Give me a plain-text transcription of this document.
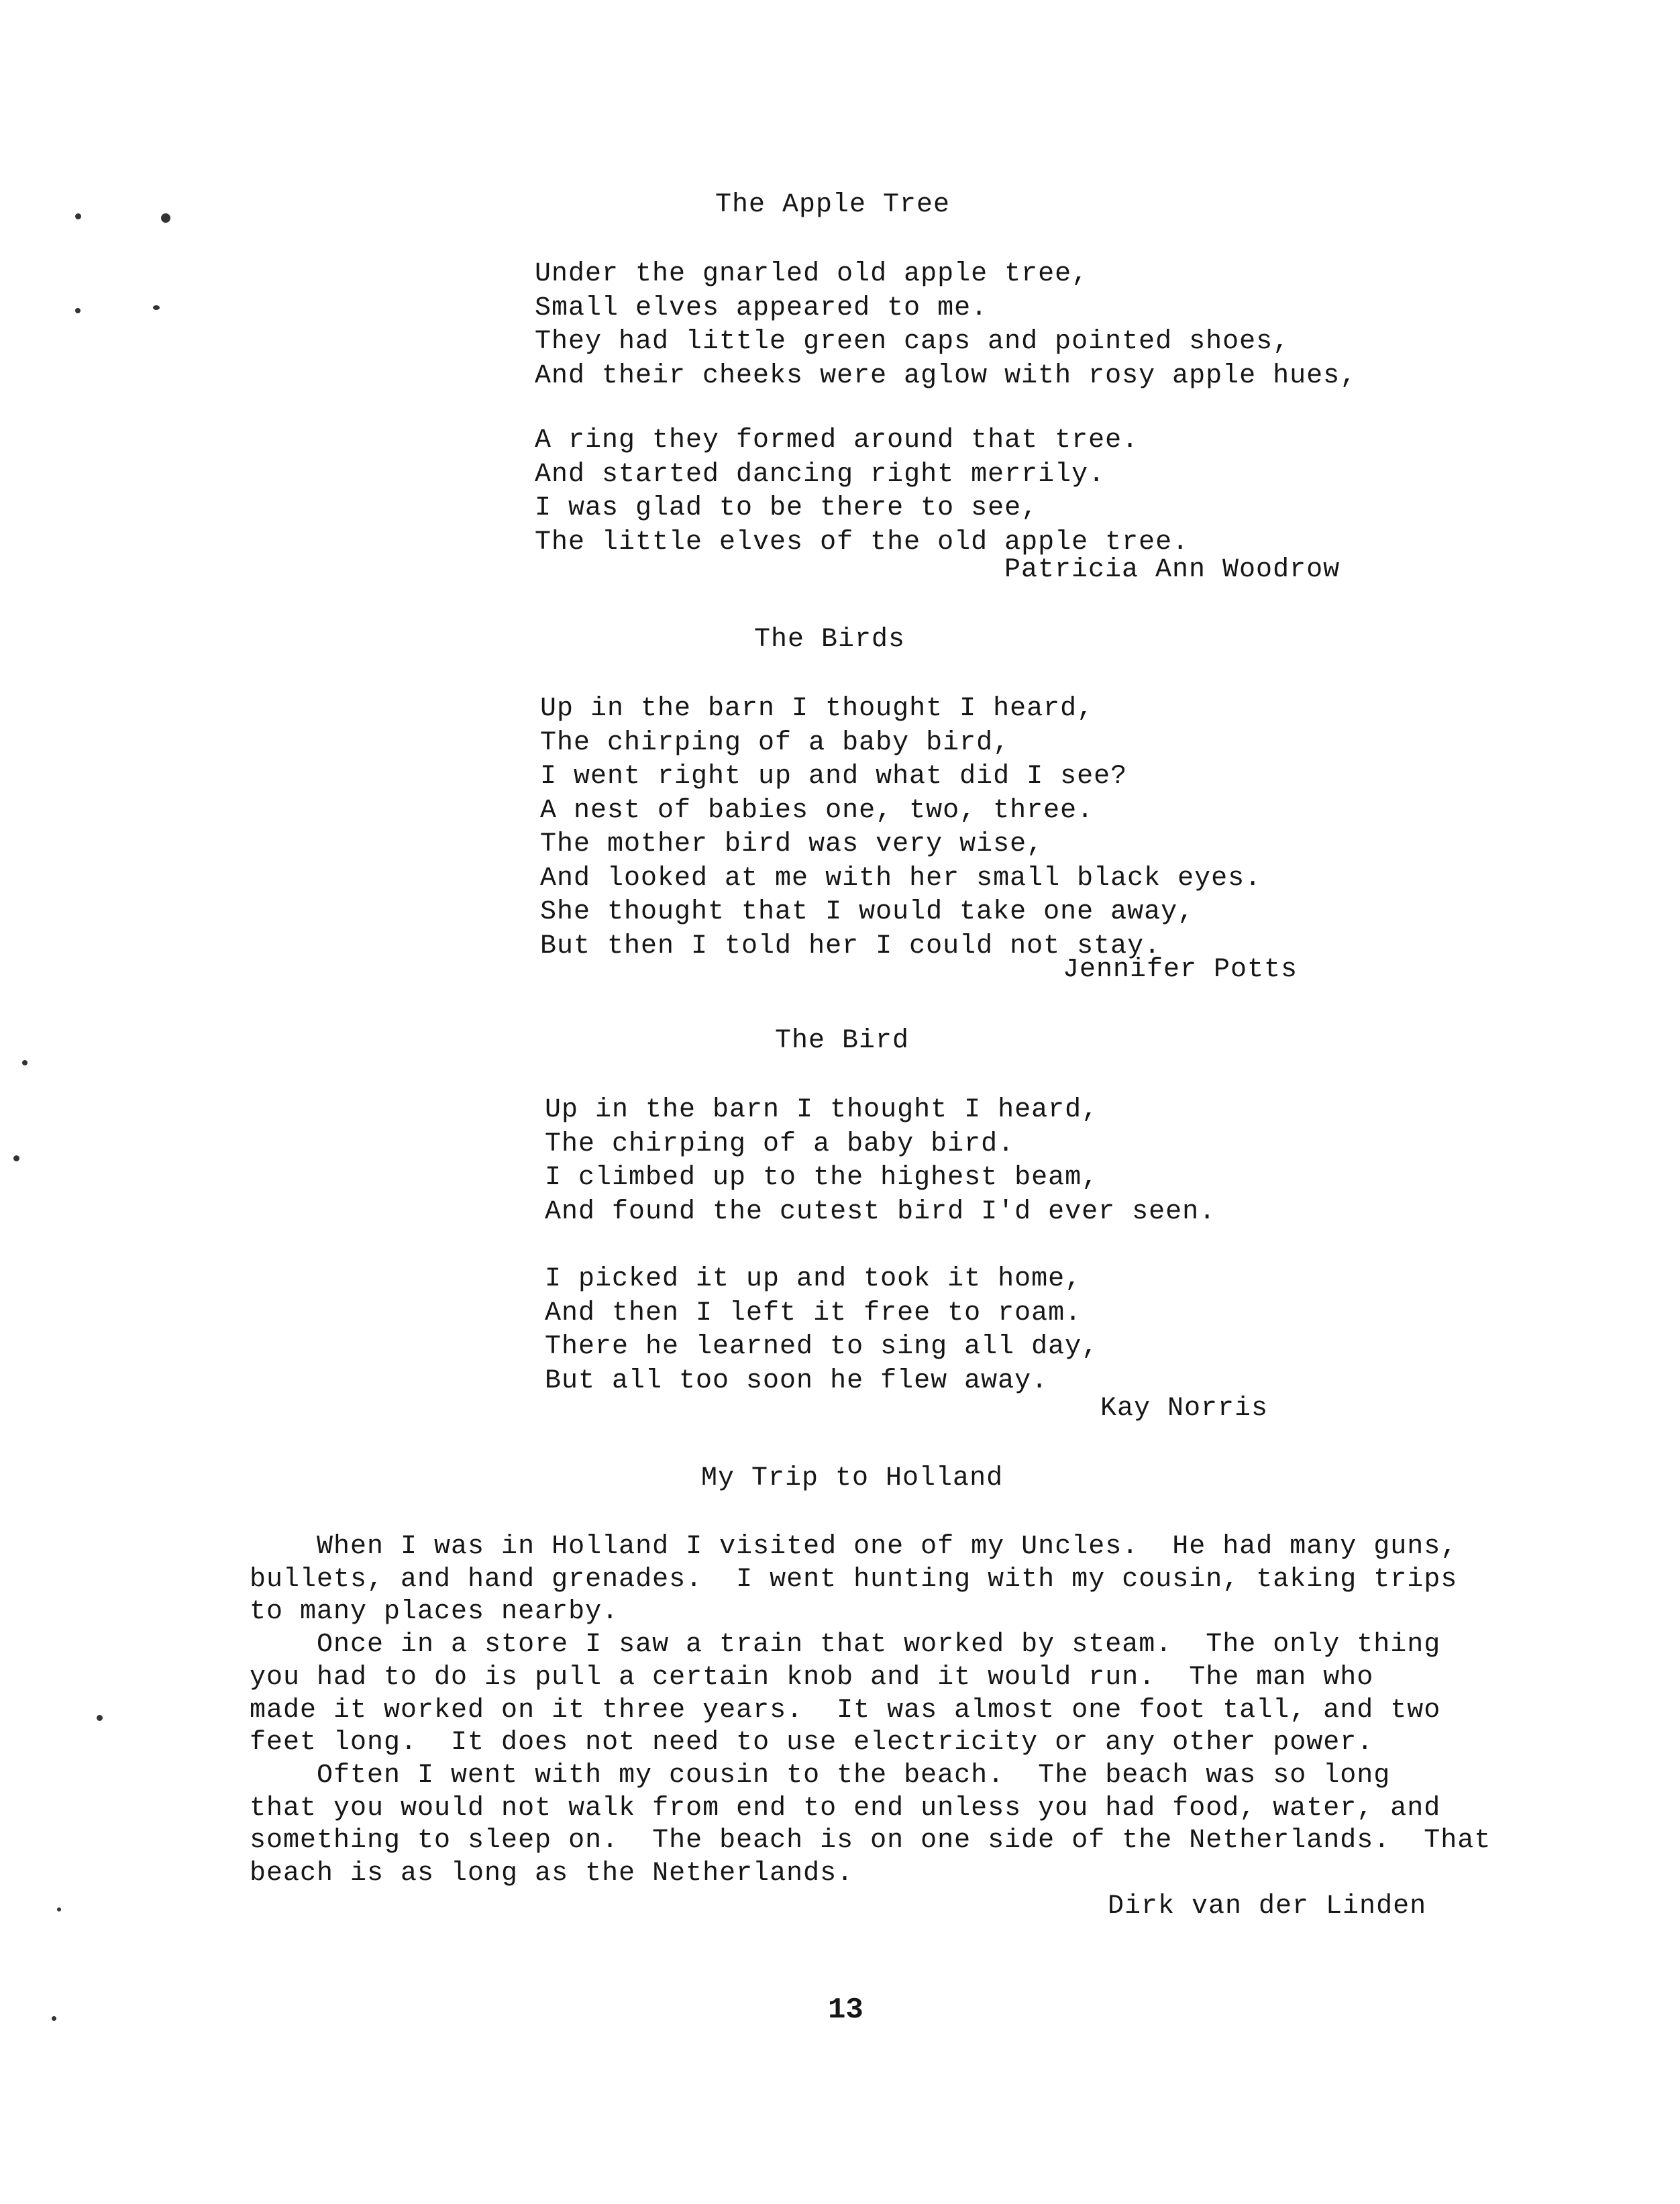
The Apple Tree
Under the gnarled old apple tree,
Small elves appeared to me.
They had little green caps and pointed shoes,
And their cheeks were aglow with rosy apple hues,
A ring they formed around that tree.
And started dancing right merrily.
I was glad to be there to see,
The little elves of the old apple tree.
Patricia Ann Woodrow
The Birds
Up in the barn I thought I heard,
The chirping of a baby bird,
I went right up and what did I see?
A nest of babies one, two, three.
The mother bird was very wise,
And looked at me with her small black eyes.
She thought that I would take one away,
But then I told her I could not stay.
Jennifer Potts
The Bird
Up in the barn I thought I heard,
The chirping of a baby bird.
I climbed up to the highest beam,
And found the cutest bird I'd ever seen.
I picked it up and took it home,
And then I left it free to roam.
There he learned to sing all day,
But all too soon he flew away.
Kay Norris
My Trip to Holland
When I was in Holland I visited one of my Uncles.  He had many guns,
bullets, and hand grenades.  I went hunting with my cousin, taking trips
to many places nearby.
Once in a store I saw a train that worked by steam.  The only thing
you had to do is pull a certain knob and it would run.  The man who
made it worked on it three years.  It was almost one foot tall, and two
feet long.  It does not need to use electricity or any other power.
Often I went with my cousin to the beach.  The beach was so long
that you would not walk from end to end unless you had food, water, and
something to sleep on.  The beach is on one side of the Netherlands.  That
beach is as long as the Netherlands.
Dirk van der Linden
13
